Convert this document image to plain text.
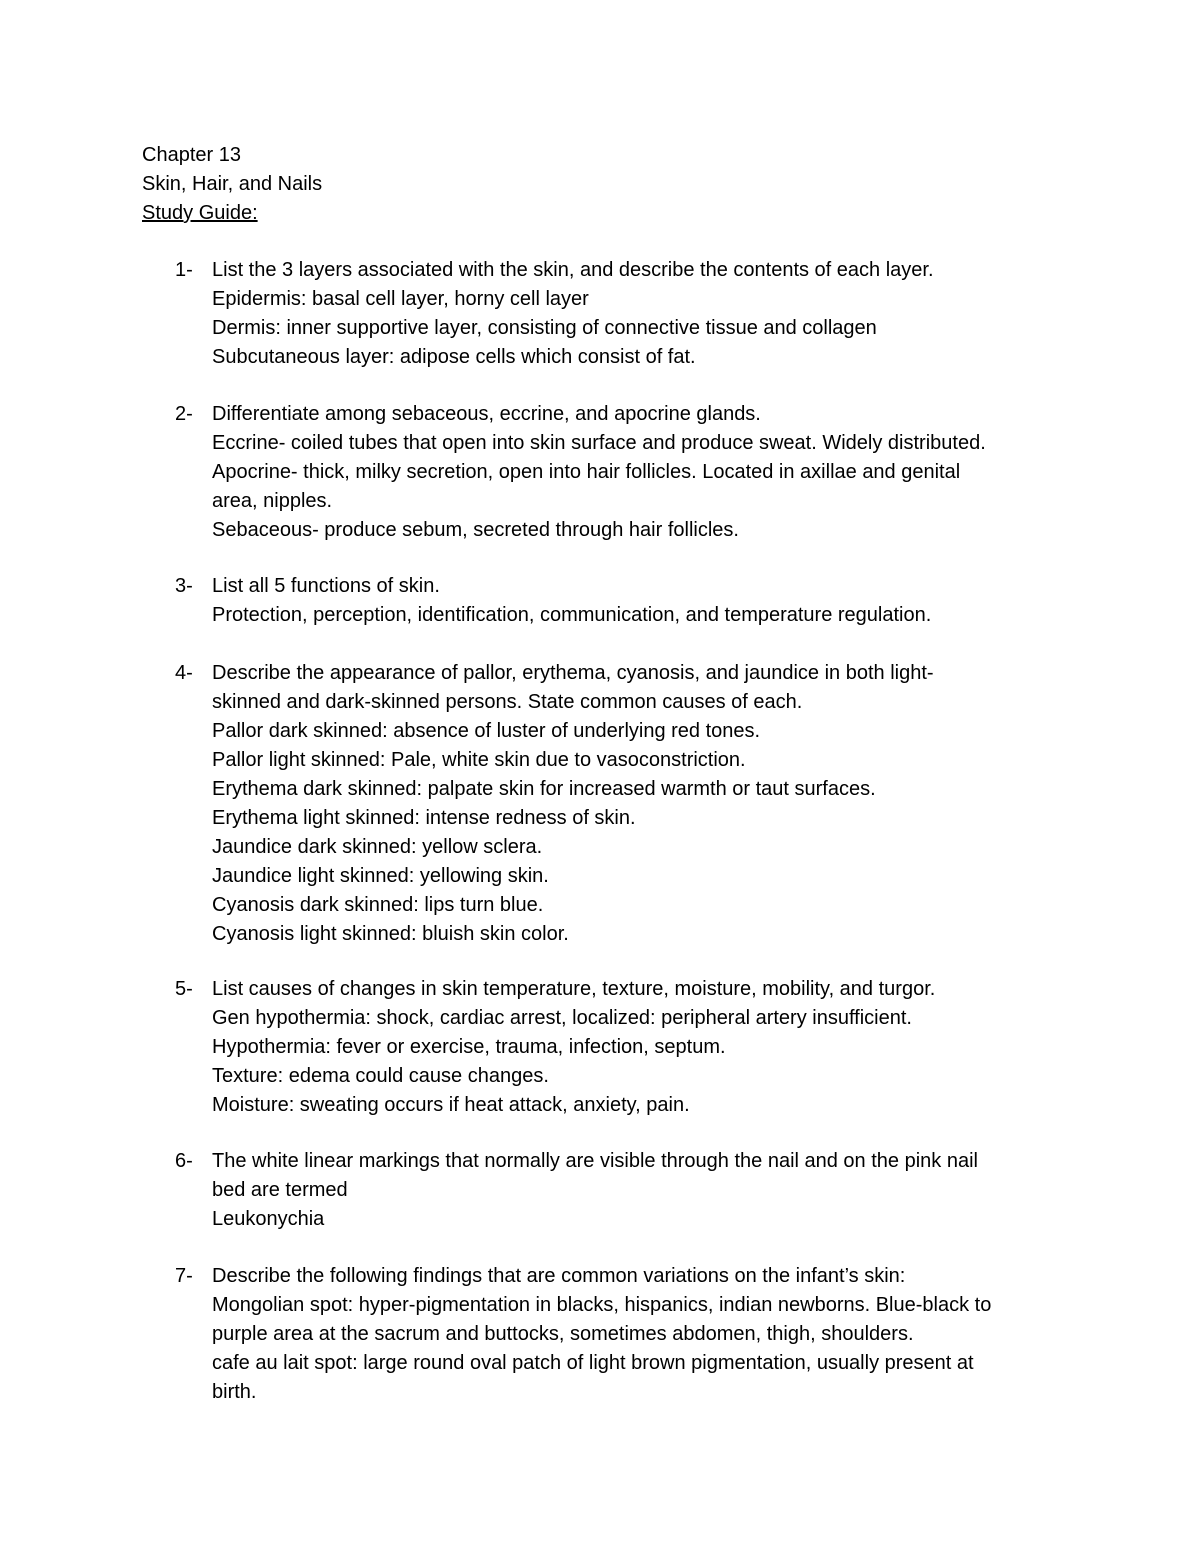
Chapter 13
Skin, Hair, and Nails
Study Guide:
1- List the 3 layers associated with the skin, and describe the contents of each layer.
Epidermis: basal cell layer, horny cell layer
Dermis: inner supportive layer, consisting of connective tissue and collagen
Subcutaneous layer: adipose cells which consist of fat.
2- Differentiate among sebaceous, eccrine, and apocrine glands.
Eccrine- coiled tubes that open into skin surface and produce sweat. Widely distributed.
Apocrine- thick, milky secretion, open into hair follicles. Located in axillae and genital
area, nipples.
Sebaceous- produce sebum, secreted through hair follicles.
3- List all 5 functions of skin.
Protection, perception, identification, communication, and temperature regulation.
4- Describe the appearance of pallor, erythema, cyanosis, and jaundice in both light-
skinned and dark-skinned persons. State common causes of each.
Pallor dark skinned: absence of luster of underlying red tones.
Pallor light skinned: Pale, white skin due to vasoconstriction.
Erythema dark skinned: palpate skin for increased warmth or taut surfaces.
Erythema light skinned: intense redness of skin.
Jaundice dark skinned: yellow sclera.
Jaundice light skinned: yellowing skin.
Cyanosis dark skinned: lips turn blue.
Cyanosis light skinned: bluish skin color.
5- List causes of changes in skin temperature, texture, moisture, mobility, and turgor.
Gen hypothermia: shock, cardiac arrest, localized: peripheral artery insufficient.
Hypothermia: fever or exercise, trauma, infection, septum.
Texture: edema could cause changes.
Moisture: sweating occurs if heat attack, anxiety, pain.
6- The white linear markings that normally are visible through the nail and on the pink nail
bed are termed
Leukonychia
7- Describe the following findings that are common variations on the infant’s skin:
Mongolian spot: hyper-pigmentation in blacks, hispanics, indian newborns. Blue-black to
purple area at the sacrum and buttocks, sometimes abdomen, thigh, shoulders.
cafe au lait spot: large round oval patch of light brown pigmentation, usually present at
birth.
